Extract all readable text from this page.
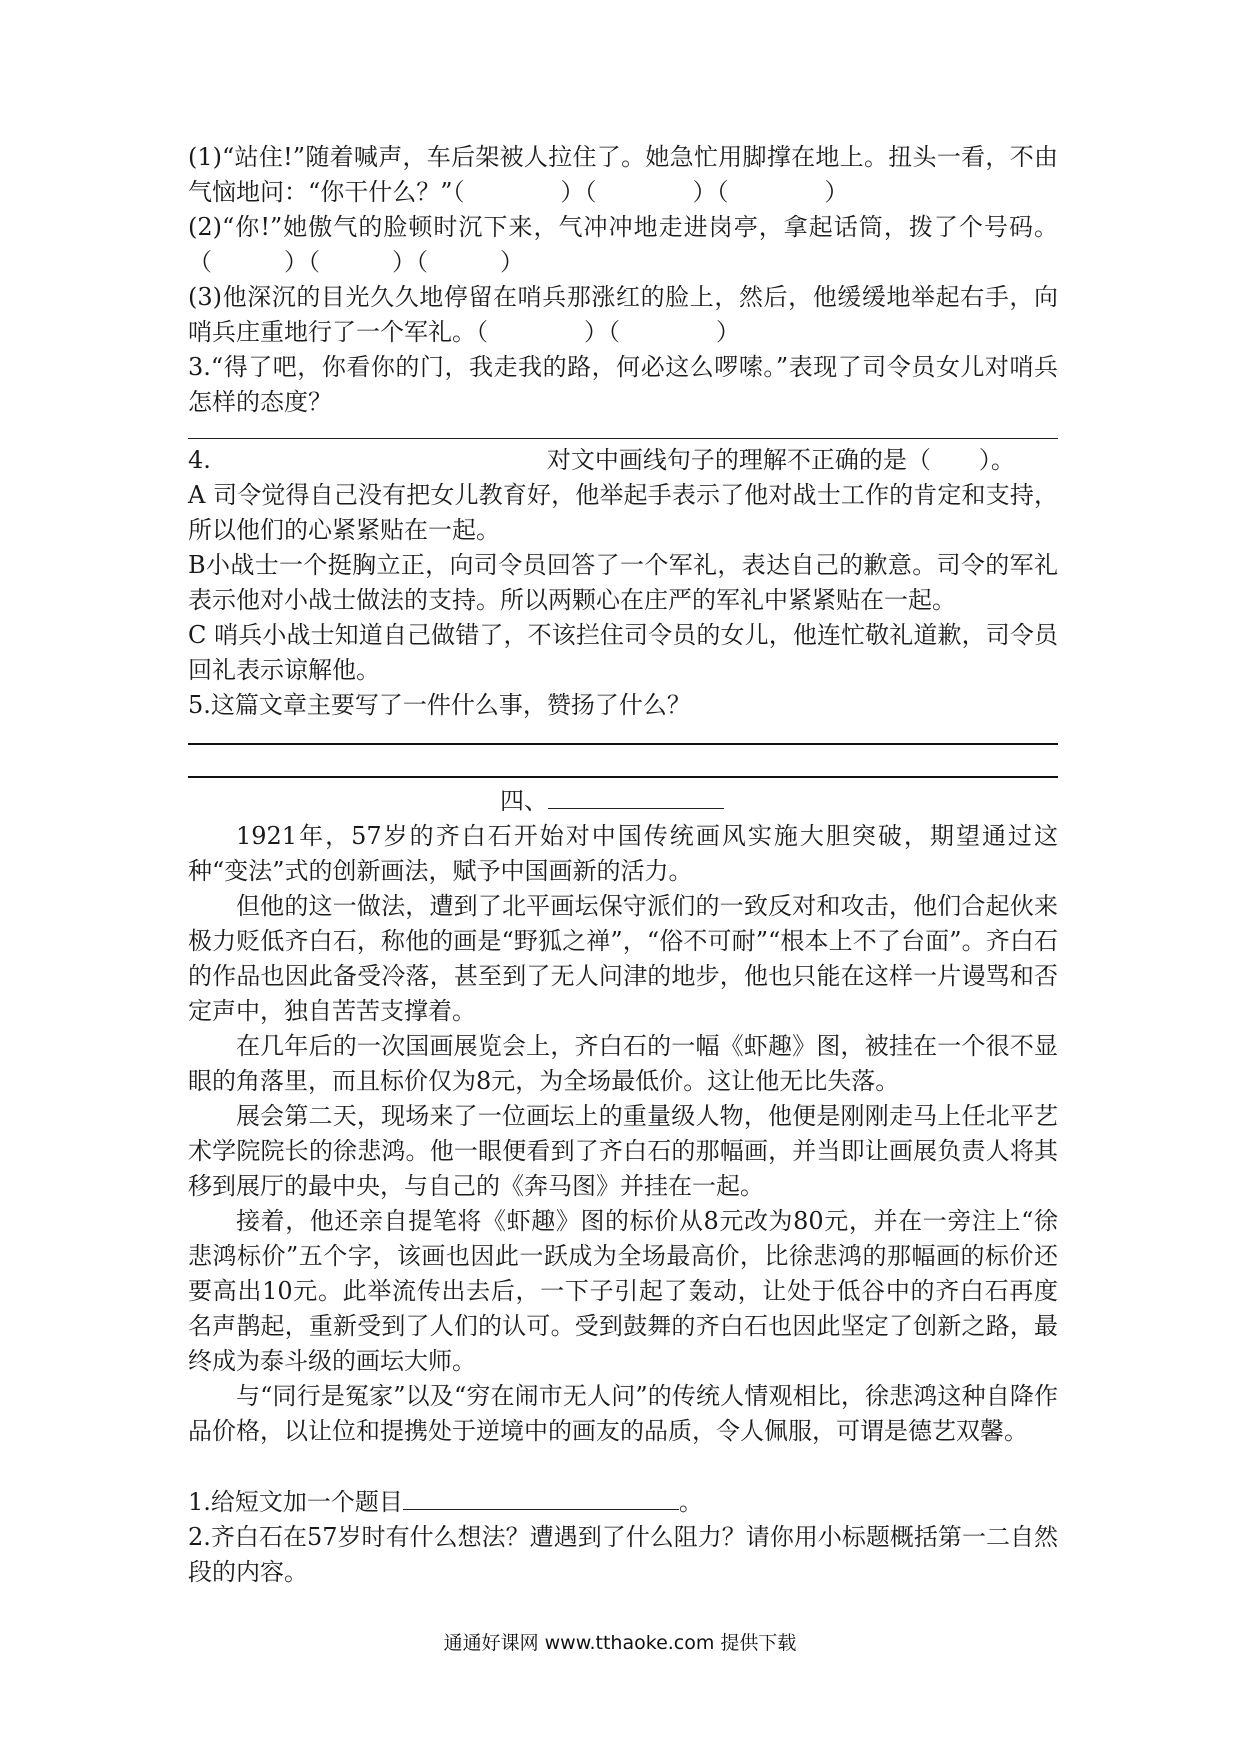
(1)“站住!”随着喊声，车后架被人拉住了。她急忙用脚撑在地上。扭头一看，不由气恼地问：“你干什么？”（　　　　）（　　　　）（　　　　）

(2)“你!”她傲气的脸顿时沉下来，气冲冲地走进岗亭，拿起话筒，拨了个号码。（　　　）（　　　）（　　　）

(3)他深沉的目光久久地停留在哨兵那涨红的脸上，然后，他缓缓地举起右手，向哨兵庄重地行了一个军礼。（　　　　）（　　　　）

3.“得了吧，你看你的门，我走我的路，何必这么啰嗦。”表现了司令员女儿对哨兵怎样的态度？

4.　　　　　　　　　　　　　　对文中画线句子的理解不正确的是（　　）。

A 司令觉得自己没有把女儿教育好，他举起手表示了他对战士工作的肯定和支持，所以他们的心紧紧贴在一起。

B小战士一个挺胸立正，向司令员回答了一个军礼，表达自己的歉意。司令的军礼表示他对小战士做法的支持。所以两颗心在庄严的军礼中紧紧贴在一起。

C 哨兵小战士知道自己做错了，不该拦住司令员的女儿，他连忙敬礼道歉，司令员回礼表示谅解他。

5.这篇文章主要写了一件什么事，赞扬了什么？

四、

1921年，57岁的齐白石开始对中国传统画风实施大胆突破，期望通过这种“变法”式的创新画法，赋予中国画新的活力。

但他的这一做法，遭到了北平画坛保守派们的一致反对和攻击，他们合起伙来极力贬低齐白石，称他的画是“野狐之禅”，“俗不可耐”“根本上不了台面”。齐白石的作品也因此备受冷落，甚至到了无人问津的地步，他也只能在这样一片谩骂和否定声中，独自苦苦支撑着。

在几年后的一次国画展览会上，齐白石的一幅《虾趣》图，被挂在一个很不显眼的角落里，而且标价仅为8元，为全场最低价。这让他无比失落。

展会第二天，现场来了一位画坛上的重量级人物，他便是刚刚走马上任北平艺术学院院长的徐悲鸿。他一眼便看到了齐白石的那幅画，并当即让画展负责人将其移到展厅的最中央，与自己的《奔马图》并挂在一起。

接着，他还亲自提笔将《虾趣》图的标价从8元改为80元，并在一旁注上“徐悲鸿标价”五个字，该画也因此一跃成为全场最高价，比徐悲鸿的那幅画的标价还要高出10元。此举流传出去后，一下子引起了轰动，让处于低谷中的齐白石再度名声鹊起，重新受到了人们的认可。受到鼓舞的齐白石也因此坚定了创新之路，最终成为泰斗级的画坛大师。

与“同行是冤家”以及“穷在闹市无人问”的传统人情观相比，徐悲鸿这种自降作品价格，以让位和提携处于逆境中的画友的品质，令人佩服，可谓是德艺双馨。

1.给短文加一个题目	。

2.齐白石在57岁时有什么想法？遭遇到了什么阻力？请你用小标题概括第一二自然段的内容。

通通好课网 www.tthaoke.com 提供下载
